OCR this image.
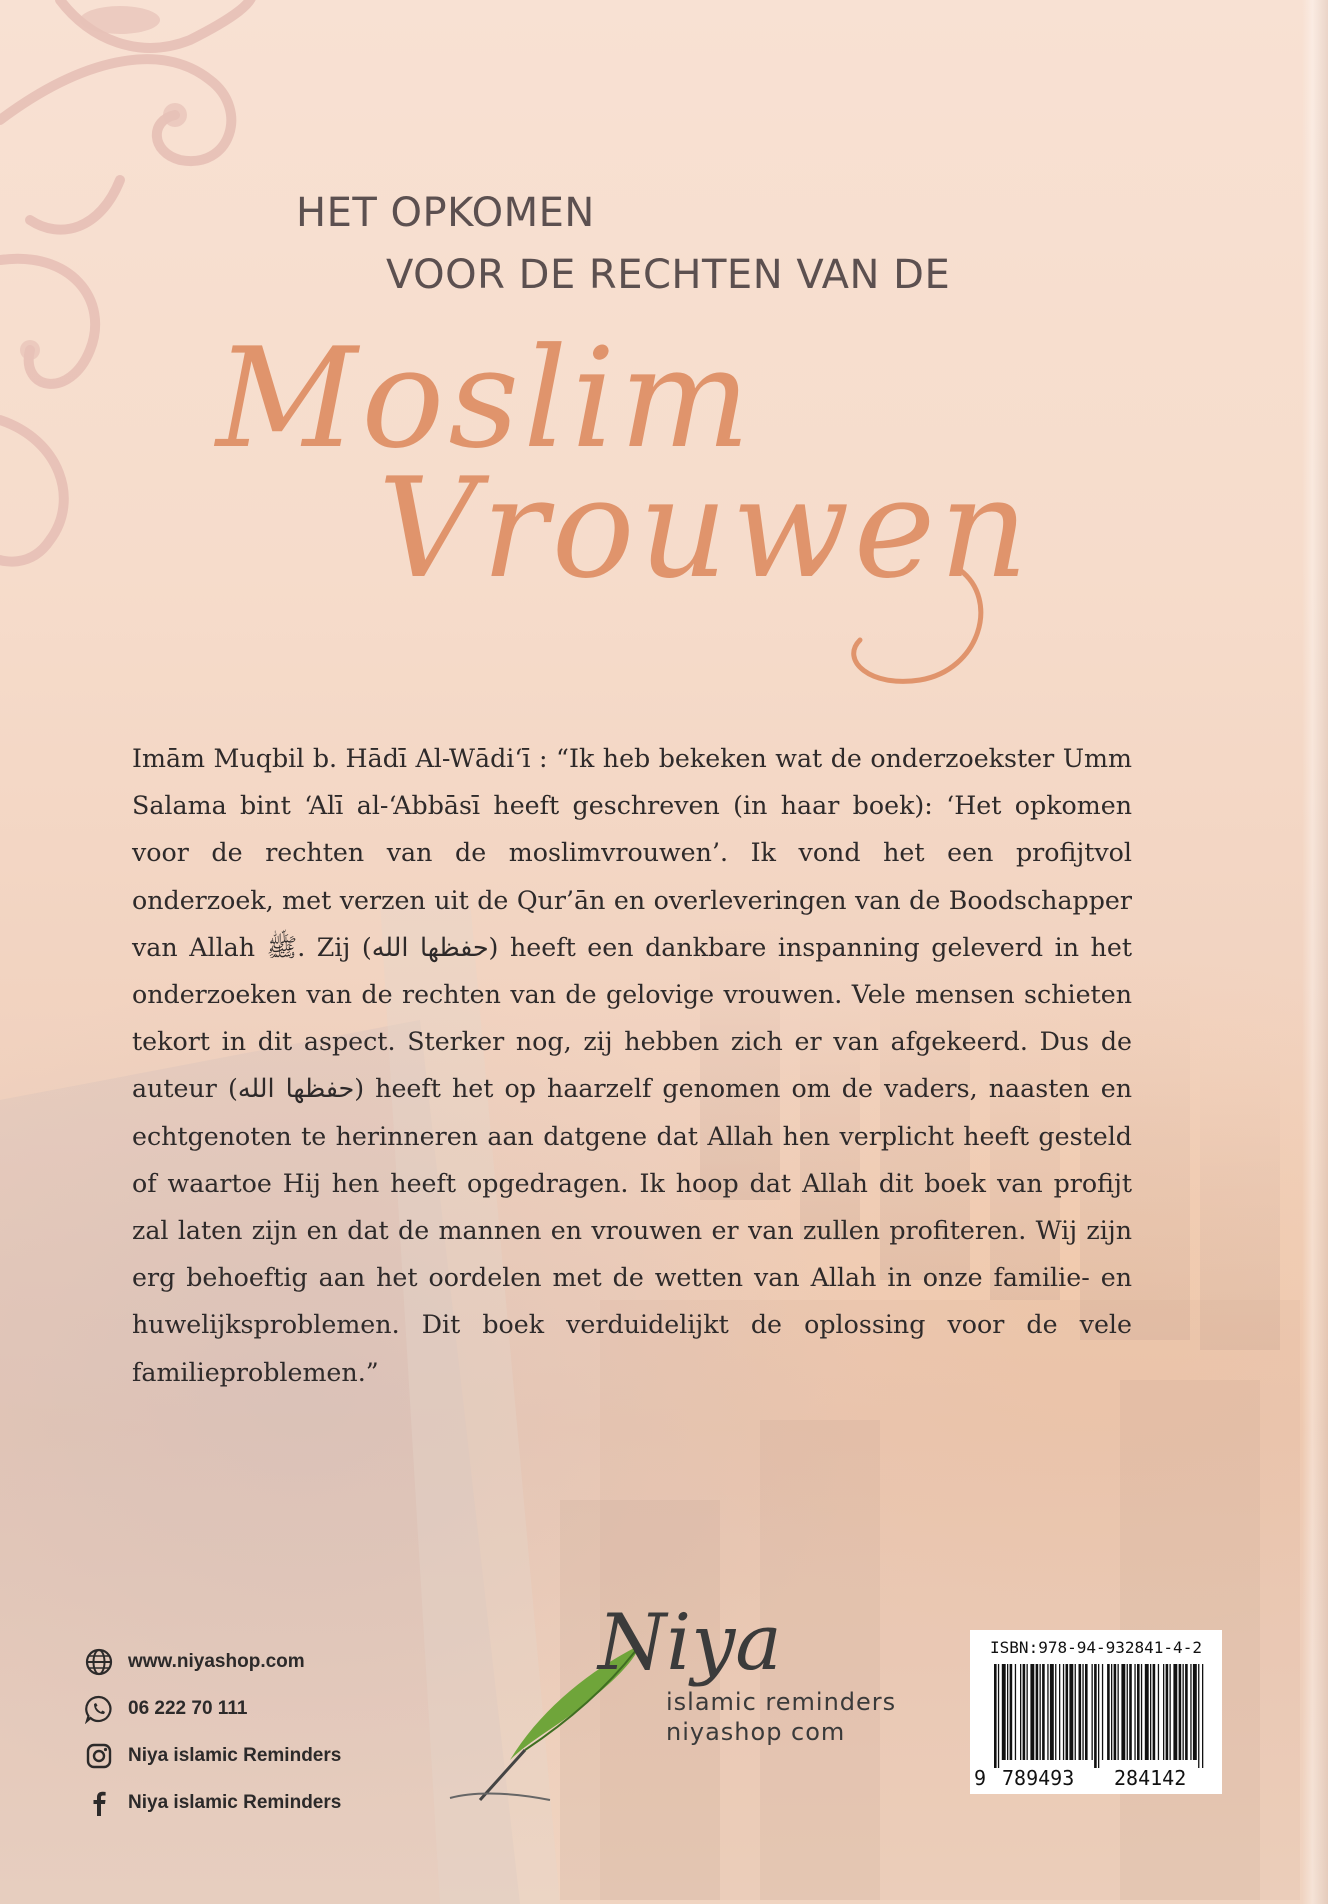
HET OPKOMEN
VOOR DE RECHTEN VAN DE
Moslim
Vrouwen

Imām Muqbil b. Hādī Al-Wādi‘ī : “Ik heb bekeken wat de onderzoekster Umm Salama bint ‘Alī al-‘Abbāsī heeft geschreven (in haar boek): ‘Het opkomen voor de rechten van de moslimvrouwen’. Ik vond het een profijtvol onderzoek, met verzen uit de Qur’ān en overleveringen van de Boodschapper van Allah ﷺ. Zij (حفظها الله) heeft een dankbare inspanning geleverd in het onderzoeken van de rechten van de gelovige vrouwen. Vele mensen schieten tekort in dit aspect. Sterker nog, zij hebben zich er van afgekeerd. Dus de auteur (حفظها الله) heeft het op haarzelf genomen om de vaders, naasten en echtgenoten te herinneren aan datgene dat Allah hen verplicht heeft gesteld of waartoe Hij hen heeft opgedragen. Ik hoop dat Allah dit boek van profijt zal laten zijn en dat de mannen en vrouwen er van zullen profiteren. Wij zijn erg behoeftig aan het oordelen met de wetten van Allah in onze familie- en huwelijksproblemen. Dit boek verduidelijkt de oplossing voor de vele familieproblemen.”

www.niyashop.com
06 222 70 111
Niya islamic Reminders
Niya islamic Reminders
Niya
islamic reminders
niyashop com
ISBN:978-94-932841-4-2
9 789493 284142
